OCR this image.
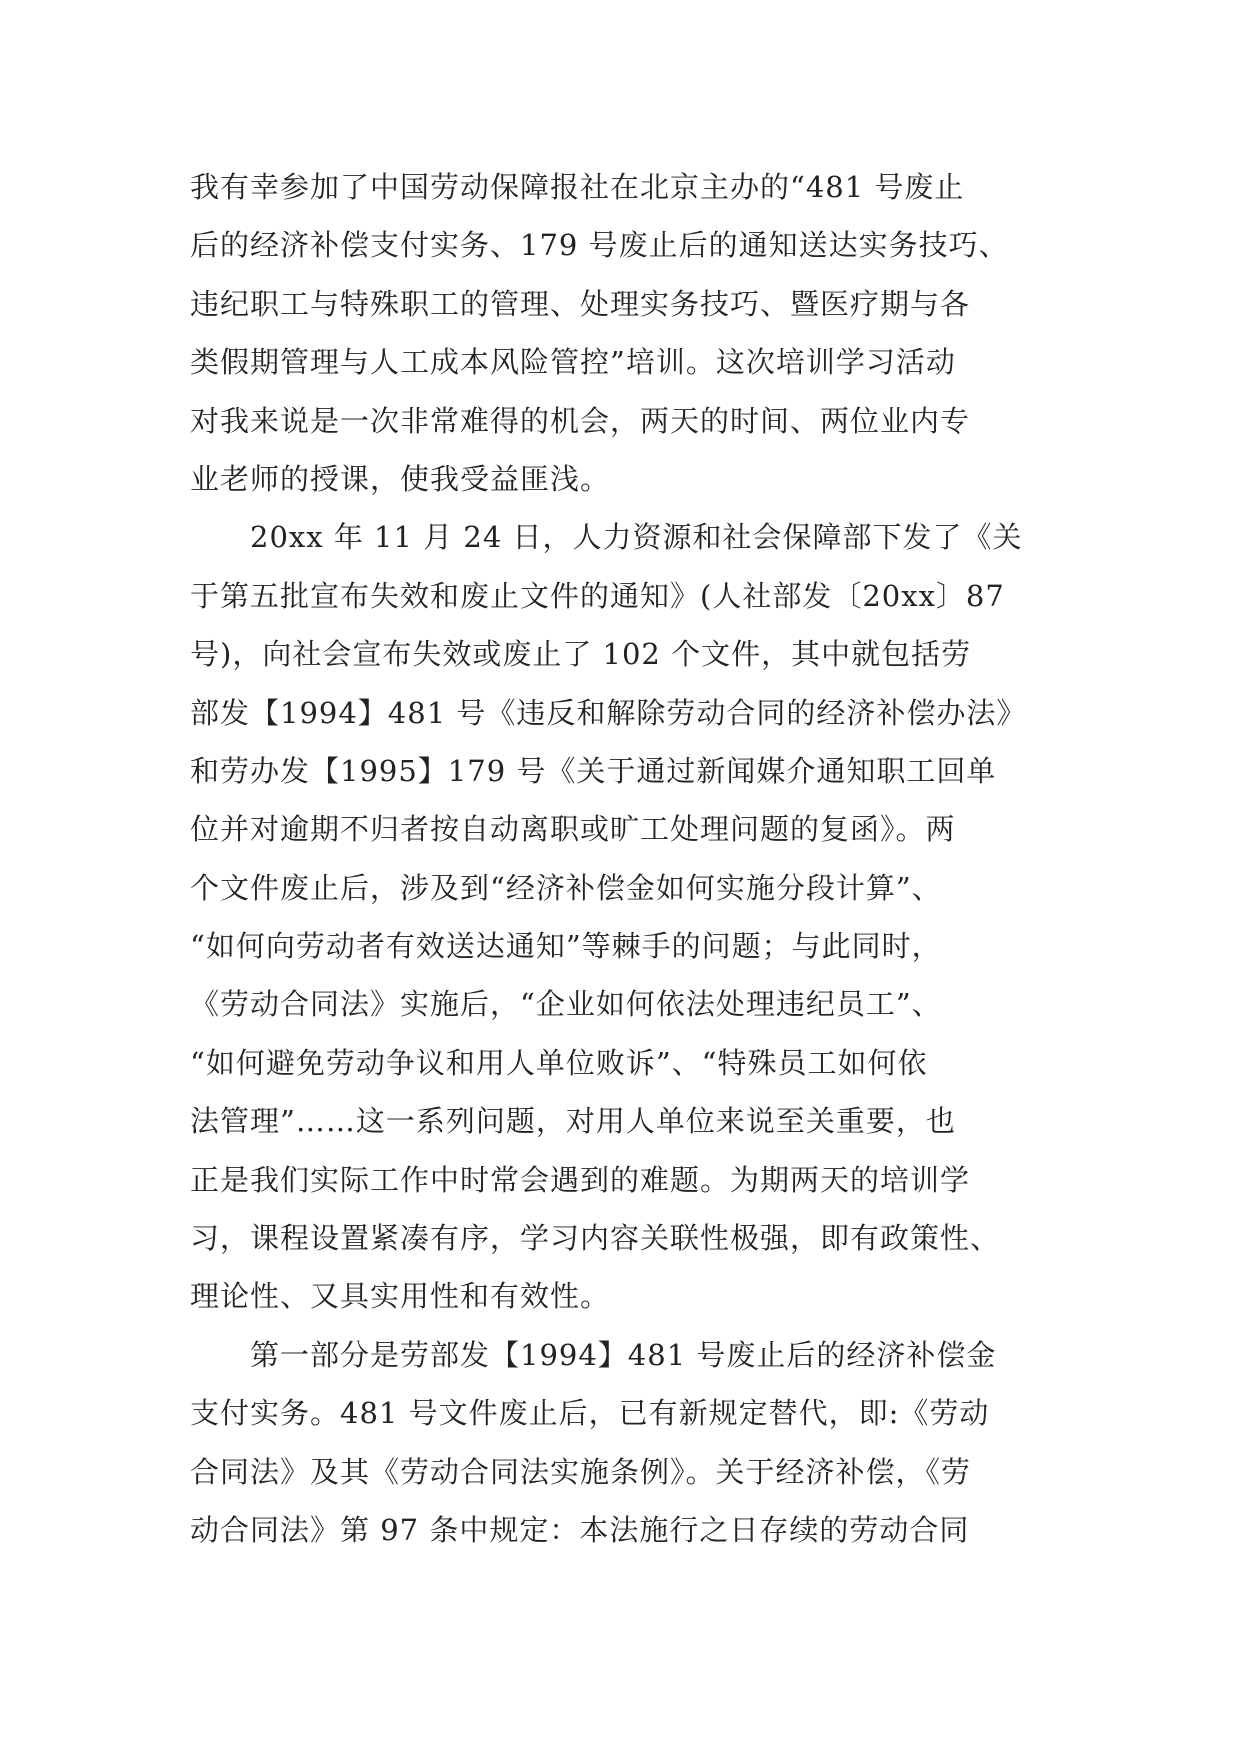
我有幸参加了中国劳动保障报社在北京主办的“481 号废止
后的经济补偿支付实务、179 号废止后的通知送达实务技巧、
违纪职工与特殊职工的管理、处理实务技巧、暨医疗期与各
类假期管理与人工成本风险管控”培训。这次培训学习活动
对我来说是一次非常难得的机会，两天的时间、两位业内专
业老师的授课，使我受益匪浅。
　　20xx 年 11 月 24 日，人力资源和社会保障部下发了《关
于第五批宣布失效和废止文件的通知》(人社部发〔20xx〕87
号)，向社会宣布失效或废止了 102 个文件，其中就包括劳
部发【1994】481 号《违反和解除劳动合同的经济补偿办法》
和劳办发【1995】179 号《关于通过新闻媒介通知职工回单
位并对逾期不归者按自动离职或旷工处理问题的复函》。两
个文件废止后，涉及到“经济补偿金如何实施分段计算”、
“如何向劳动者有效送达通知”等棘手的问题；与此同时，
《劳动合同法》实施后，“企业如何依法处理违纪员工”、
“如何避免劳动争议和用人单位败诉”、“特殊员工如何依
法管理”……这一系列问题，对用人单位来说至关重要，也
正是我们实际工作中时常会遇到的难题。为期两天的培训学
习，课程设置紧凑有序，学习内容关联性极强，即有政策性、
理论性、又具实用性和有效性。
　　第一部分是劳部发【1994】481 号废止后的经济补偿金
支付实务。481 号文件废止后，已有新规定替代，即:《劳动
合同法》及其《劳动合同法实施条例》。关于经济补偿，《劳
动合同法》第 97 条中规定：本法施行之日存续的劳动合同
